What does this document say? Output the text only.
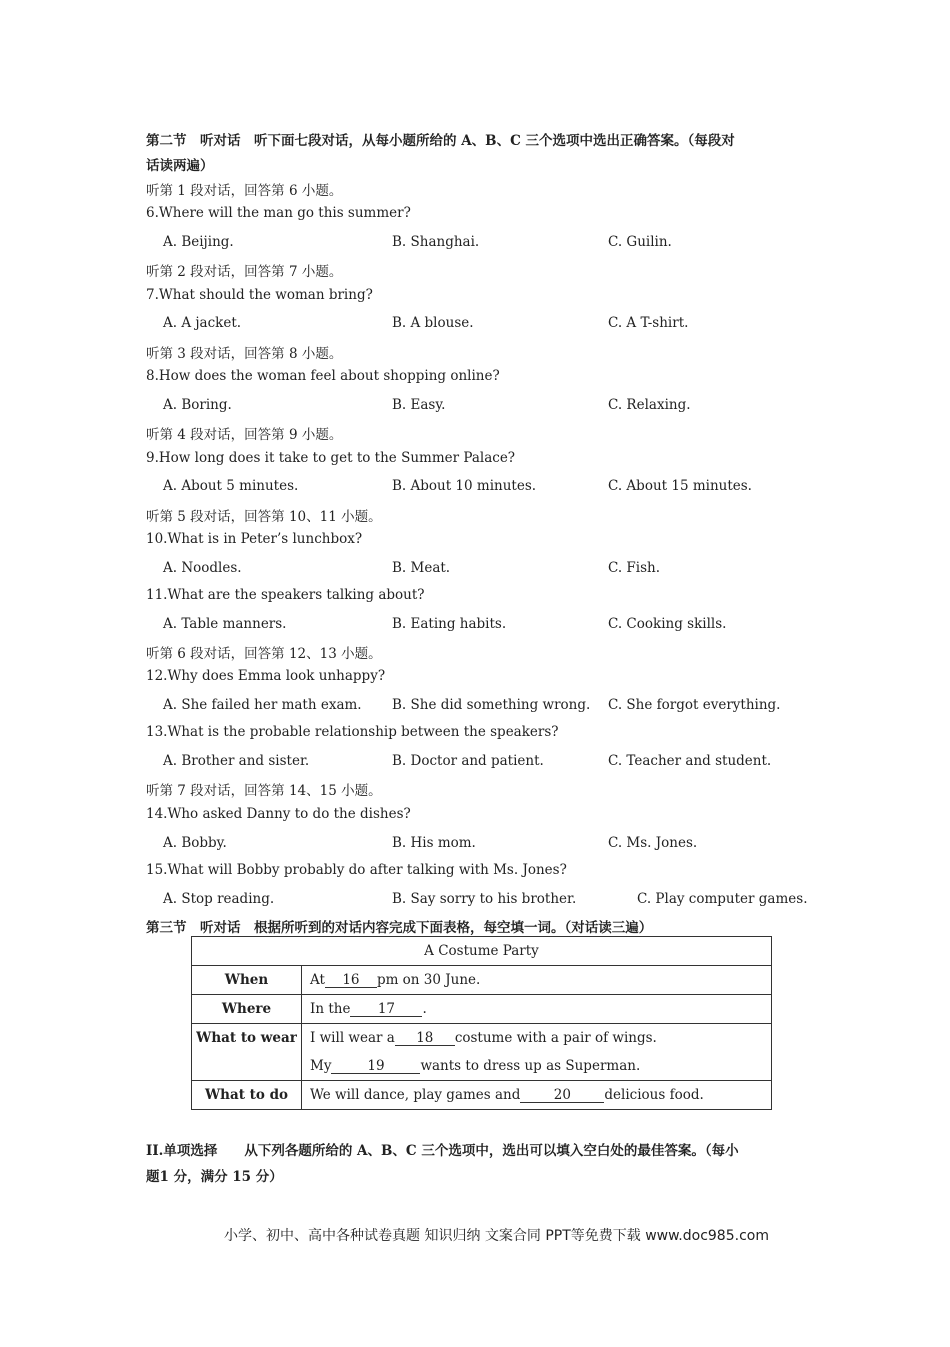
第二节　听对话　听下面七段对话，从每小题所给的 A、B、C 三个选项中选出正确答案。（每段对
话读两遍）
听第 1 段对话，回答第 6 小题。
6.Where will the man go this summer?
A. Beijing.	B. Shanghai.	C. Guilin.
听第 2 段对话，回答第 7 小题。
7.What should the woman bring?
A. A jacket.	B. A blouse.	C. A T-shirt.
听第 3 段对话，回答第 8 小题。
8.How does the woman feel about shopping online?
A. Boring.	B. Easy.	C. Relaxing.
听第 4 段对话，回答第 9 小题。
9.How long does it take to get to the Summer Palace?
A. About 5 minutes.	B. About 10 minutes.	C. About 15 minutes.
听第 5 段对话，回答第 10、11 小题。
10.What is in Peter’s lunchbox?
A. Noodles.	B. Meat.	C. Fish.
11.What are the speakers talking about?
A. Table manners.	B. Eating habits.	C. Cooking skills.
听第 6 段对话，回答第 12、13 小题。
12.Why does Emma look unhappy?
A. She failed her math exam. B. She did something wrong. C. She forgot everything.
13.What is the probable relationship between the speakers?
A. Brother and sister.	B. Doctor and patient.	C. Teacher and student.
听第 7 段对话，回答第 14、15 小题。
14.Who asked Danny to do the dishes?
A. Bobby.	B. His mom.	C. Ms. Jones.
15.What will Bobby probably do after talking with Ms. Jones?
A. Stop reading.	B. Say sorry to his brother.	C. Play computer games.
第三节　听对话　根据所听到的对话内容完成下面表格，每空填一词。（对话读三遍）
A Costume Party	
When	At 16 pm on 30 June.
Where	In the 17 .
What to wear	I will wear a 18 costume with a pair of wings.
My 19 wants to dress up as Superman.

What to do	We will dance, play games and 20 delicious food.
II.单项选择　　从下列各题所给的 A、B、C 三个选项中，选出可以填入空白处的最佳答案。（每小
题1 分，满分 15 分）
小学、初中、高中各种试卷真题 知识归纳 文案合同 PPT等免费下载 www.doc985.com
